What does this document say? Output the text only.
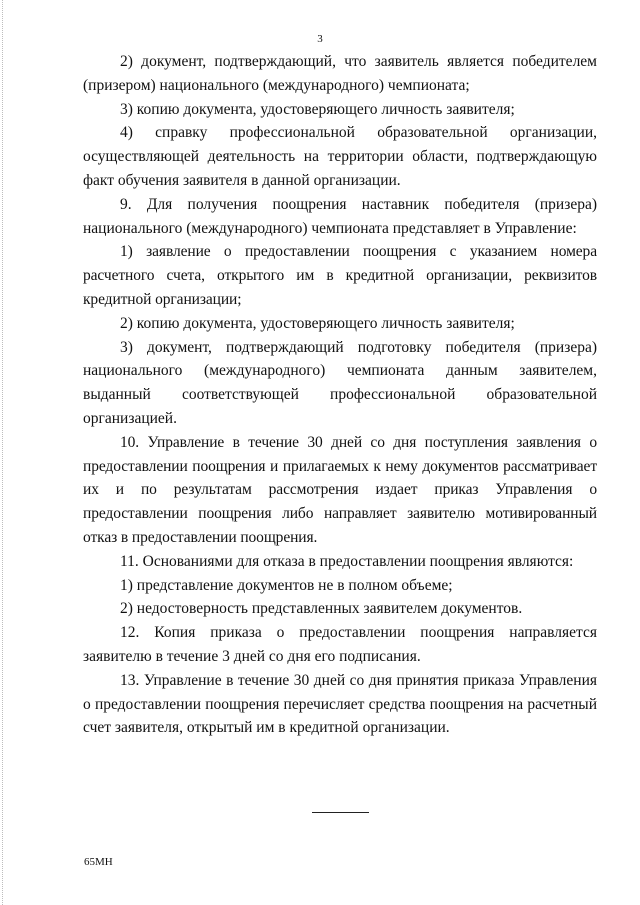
3

2) документ, подтверждающий, что заявитель является победителем (призером) национального (международного) чемпионата;

3) копию документа, удостоверяющего личность заявителя;

4) справку профессиональной образовательной организации, осуществляющей деятельность на территории области, подтверждающую факт обучения заявителя в данной организации.

9. Для получения поощрения наставник победителя (призера) национального (международного) чемпионата представляет в Управление:

1) заявление о предоставлении поощрения с указанием номера расчетного счета, открытого им в кредитной организации, реквизитов кредитной организации;

2) копию документа, удостоверяющего личность заявителя;

3) документ, подтверждающий подготовку победителя (призера) национального (международного) чемпионата данным заявителем, выданный соответствующей профессиональной образовательной организацией.

10. Управление в течение 30 дней со дня поступления заявления о предоставлении поощрения и прилагаемых к нему документов рассматривает их и по результатам рассмотрения издает приказ Управления о предоставлении поощрения либо направляет заявителю мотивированный отказ в предоставлении поощрения.

11. Основаниями для отказа в предоставлении поощрения являются:

1) представление документов не в полном объеме;

2) недостоверность представленных заявителем документов.

12. Копия приказа о предоставлении поощрения направляется заявителю в течение 3 дней со дня его подписания.

13. Управление в течение 30 дней со дня принятия приказа Управления о предоставлении поощрения перечисляет средства поощрения на расчетный счет заявителя, открытый им в кредитной организации.

65МН
